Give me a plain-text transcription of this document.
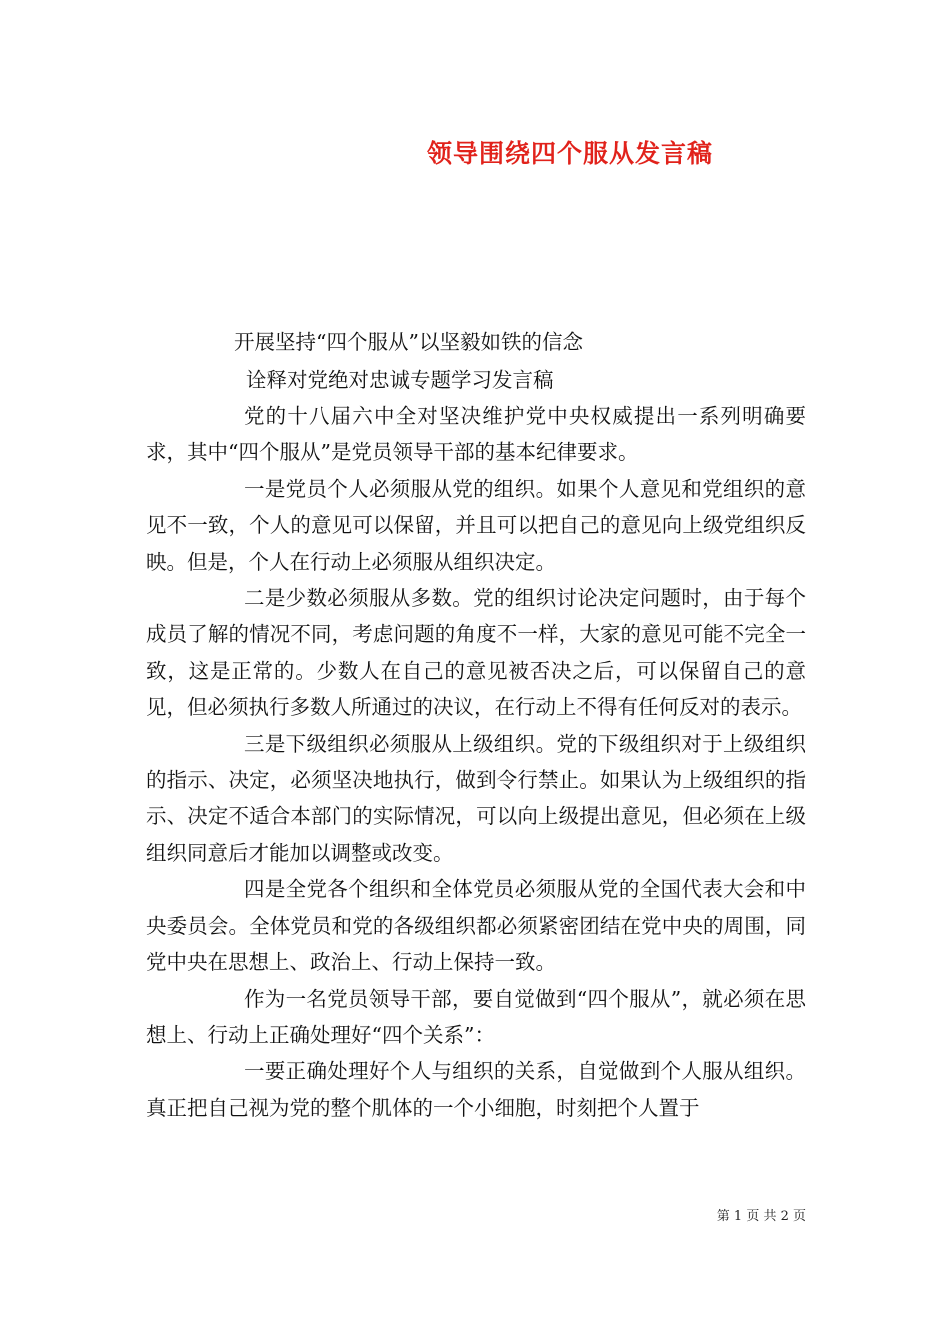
领导围绕四个服从发言稿
开展坚持“四个服从”以坚毅如铁的信念
诠释对党绝对忠诚专题学习发言稿

党的十八届六中全对坚决维护党中央权威提出一系列明确要求，其中“四个服从”是党员领导干部的基本纪律要求。

一是党员个人必须服从党的组织。如果个人意见和党组织的意见不一致，个人的意见可以保留，并且可以把自己的意见向上级党组织反映。但是，个人在行动上必须服从组织决定。

二是少数必须服从多数。党的组织讨论决定问题时，由于每个成员了解的情况不同，考虑问题的角度不一样，大家的意见可能不完全一致，这是正常的。少数人在自己的意见被否决之后，可以保留自己的意见，但必须执行多数人所通过的决议，在行动上不得有任何反对的表示。

三是下级组织必须服从上级组织。党的下级组织对于上级组织的指示、决定，必须坚决地执行，做到令行禁止。如果认为上级组织的指示、决定不适合本部门的实际情况，可以向上级提出意见，但必须在上级组织同意后才能加以调整或改变。

四是全党各个组织和全体党员必须服从党的全国代表大会和中央委员会。全体党员和党的各级组织都必须紧密团结在党中央的周围，同党中央在思想上、政治上、行动上保持一致。

作为一名党员领导干部，要自觉做到“四个服从”，就必须在思想上、行动上正确处理好“四个关系”：

一要正确处理好个人与组织的关系，自觉做到个人服从组织。真正把自己视为党的整个肌体的一个小细胞，时刻把个人置于

第 1 页 共 2 页
